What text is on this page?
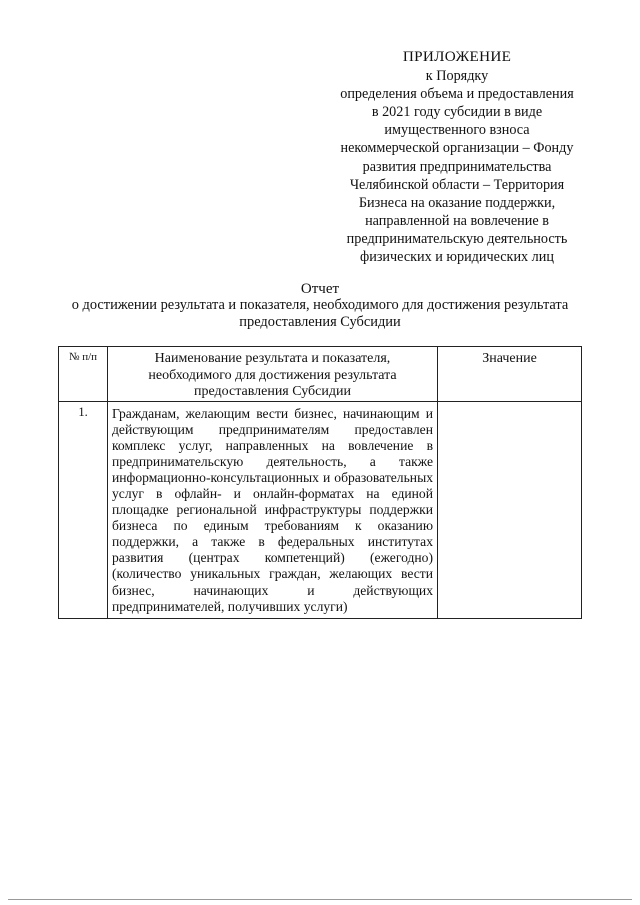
ПРИЛОЖЕНИЕ
к Порядку
определения объема и предоставления
в 2021 году субсидии в виде
имущественного взноса
некоммерческой организации – Фонду
развития предпринимательства
Челябинской области – Территория
Бизнеса на оказание поддержки,
направленной на вовлечение в
предпринимательскую деятельность
физических и юридических лиц
Отчет
о достижении результата и показателя, необходимого для достижения результата предоставления Субсидии
№ п/п	Наименование результата и показателя, необходимого для достижения результата предоставления Субсидии	Значение
1.	Гражданам, желающим вести бизнес, начинающим и действующим предпринимателям предоставлен комплекс услуг, направленных на вовлечение в предпринимательскую деятельность, а также информационно-консультационных и образовательных услуг в офлайн- и онлайн-форматах на единой площадке региональной инфраструктуры поддержки бизнеса по единым требованиям к оказанию поддержки, а также в федеральных институтах развития (центрах компетенций) (ежегодно) (количество уникальных граждан, желающих вести бизнес, начинающих и действующих предпринимателей, получивших услуги)	
